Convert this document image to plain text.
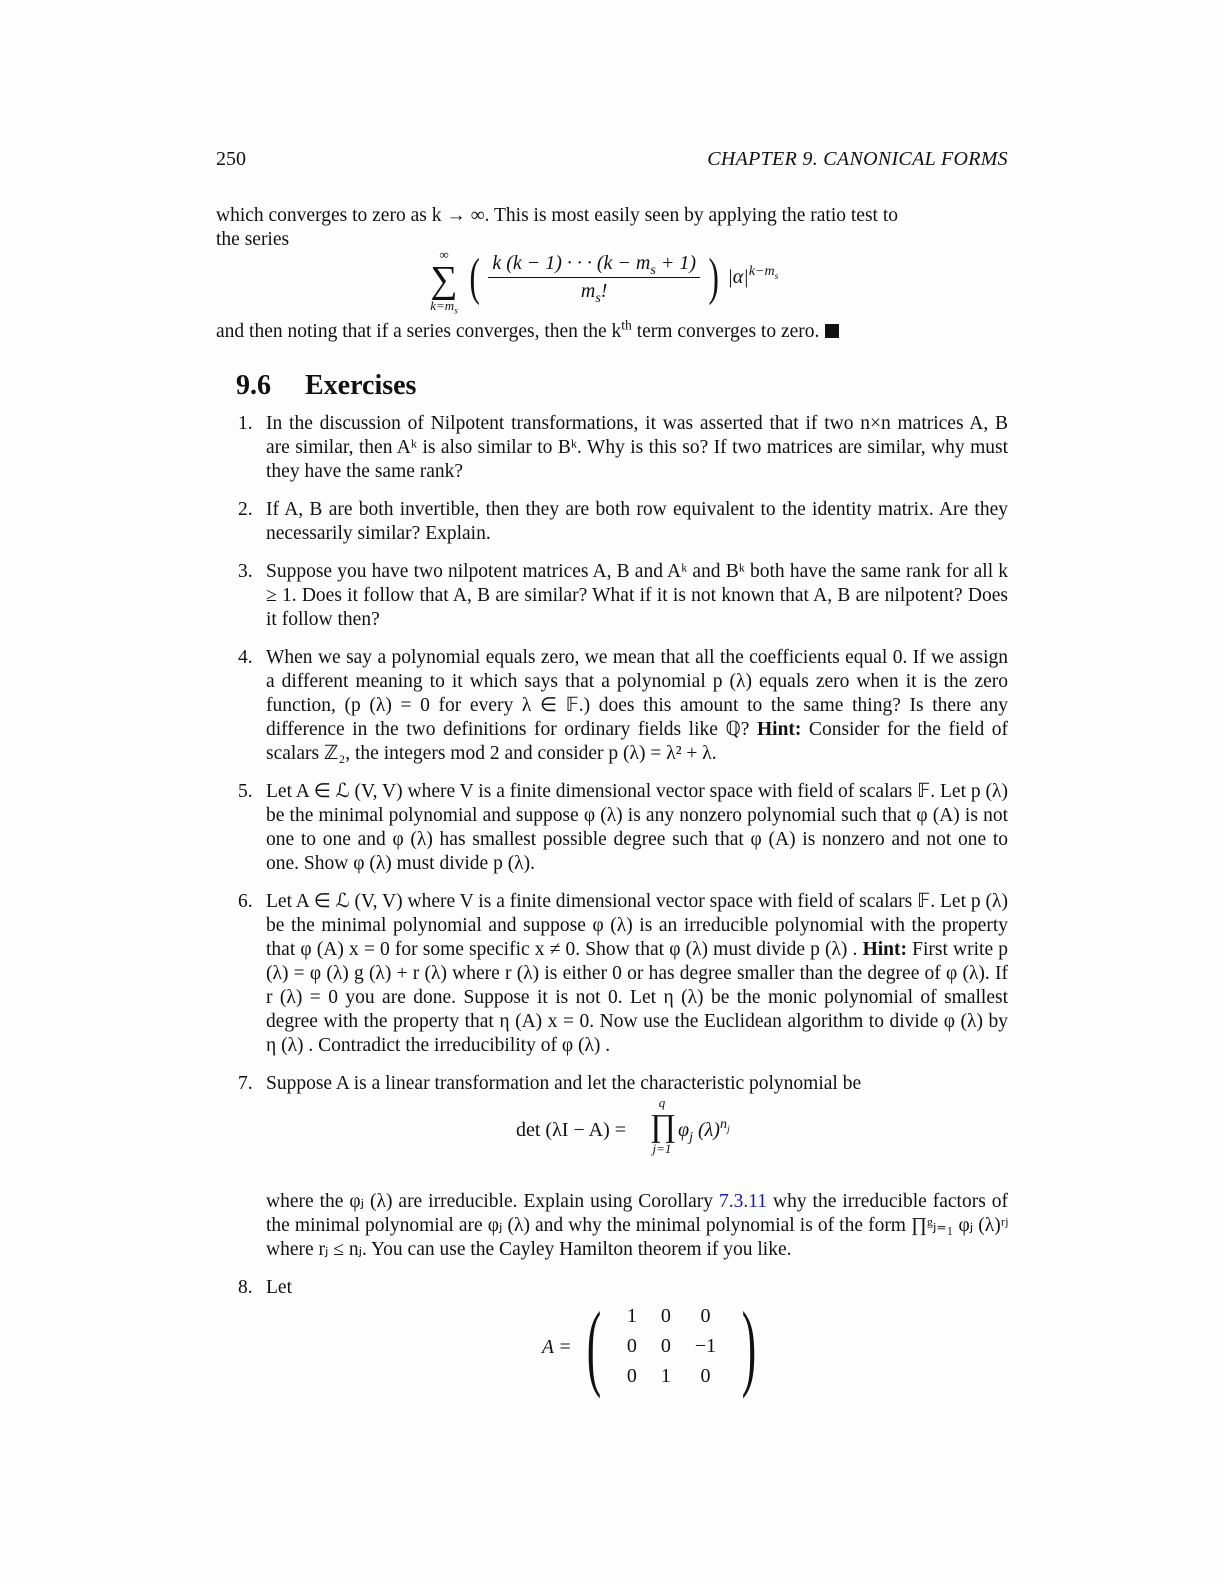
250	CHAPTER 9. CANONICAL FORMS
which converges to zero as k → ∞. This is most easily seen by applying the ratio test to
the series
∞
∑
$k=m_s$
( $\frac{k (k - 1) \cdot \cdot \cdot (k - m_s + 1)}{m_s!}$ ) $|\alpha|^{k-m_s}$
and then noting that if a series converges, then the $k^{th}$ term converges to zero.
9.6 Exercises
1. In the discussion of Nilpotent transformations, it was asserted that if two n×n matrices A, B are similar, then Aᵏ is also similar to Bᵏ. Why is this so? If two matrices are similar, why must they have the same rank?
2. If A, B are both invertible, then they are both row equivalent to the identity matrix. Are they necessarily similar? Explain.
3. Suppose you have two nilpotent matrices A, B and Aᵏ and Bᵏ both have the same rank for all k ≥ 1. Does it follow that A, B are similar? What if it is not known that A, B are nilpotent? Does it follow then?
4. When we say a polynomial equals zero, we mean that all the coefficients equal 0. If we assign a different meaning to it which says that a polynomial p (λ) equals zero when it is the zero function, (p (λ) = 0 for every λ ∈ 𝔽.) does this amount to the same thing? Is there any difference in the two definitions for ordinary fields like ℚ? Hint: Consider for the field of scalars ℤ₂, the integers mod 2 and consider p (λ) = λ² + λ.
5. Let A ∈ ℒ (V, V) where V is a finite dimensional vector space with field of scalars 𝔽. Let p (λ) be the minimal polynomial and suppose φ (λ) is any nonzero polynomial such that φ (A) is not one to one and φ (λ) has smallest possible degree such that φ (A) is nonzero and not one to one. Show φ (λ) must divide p (λ).
6. Let A ∈ ℒ (V, V) where V is a finite dimensional vector space with field of scalars 𝔽. Let p (λ) be the minimal polynomial and suppose φ (λ) is an irreducible polynomial with the property that φ (A) x = 0 for some specific x ≠ 0. Show that φ (λ) must divide p (λ) . Hint: First write p (λ) = φ (λ) g (λ) + r (λ) where r (λ) is either 0 or has degree smaller than the degree of φ (λ). If r (λ) = 0 you are done. Suppose it is not 0. Let η (λ) be the monic polynomial of smallest degree with the property that η (A) x = 0. Now use the Euclidean algorithm to divide φ (λ) by η (λ) . Contradict the irreducibility of φ (λ) .
7. Suppose A is a linear transformation and let the characteristic polynomial be
det (λI − A) =
q
∏
j=1
$\varphi_j$ $(\lambda)^{n_j}$
where the φⱼ (λ) are irreducible. Explain using Corollary 7.3.11 why the irreducible factors of the minimal polynomial are φⱼ (λ) and why the minimal polynomial is of the form ∏ᵍⱼ₌₁ φⱼ (λ)ʳʲ where rⱼ ≤ nⱼ. You can use the Cayley Hamilton theorem if you like.
8. Let
A = ( 1	0	0
0	0	−1
0	1	0 )
